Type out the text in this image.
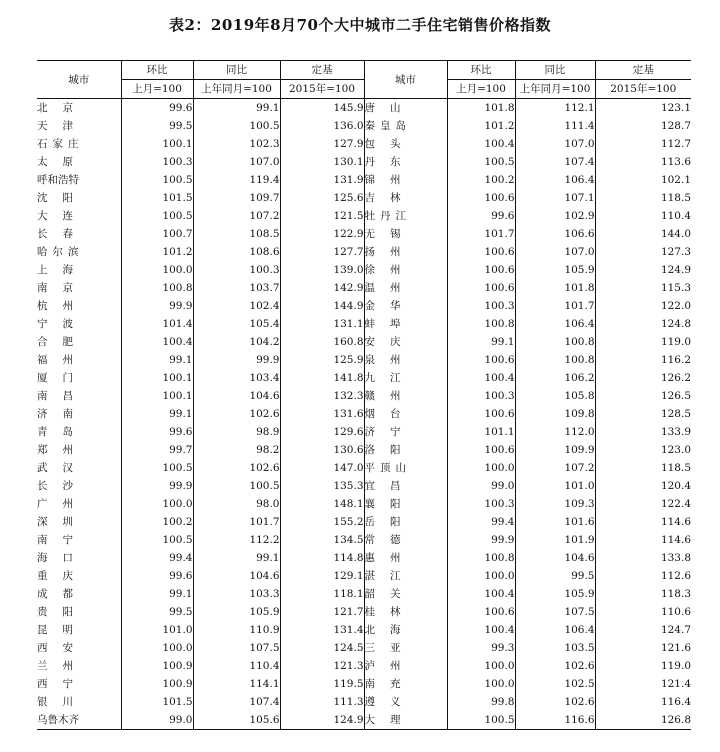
表2：2019年8月70个大中城市二手住宅销售价格指数
城市	环比	同比	定基	城市	环比	同比	定基
	上月=100	上年同月=100	2015年=100		上月=100	上年同月=100	2015年=100
北京	99.6	99.1	145.9	唐山	101.8	112.1	123.1
天津	99.5	100.5	136.0	秦皇岛	101.2	111.4	128.7
石家庄	100.1	102.3	127.9	包头	100.4	107.0	112.7
太原	100.3	107.0	130.1	丹东	100.5	107.4	113.6
呼和浩特	100.5	119.4	131.9	锦州	100.2	106.4	102.1
沈阳	101.5	109.7	125.6	吉林	100.6	107.1	118.5
大连	100.5	107.2	121.5	牡丹江	99.6	102.9	110.4
长春	100.7	108.5	122.9	无锡	101.7	106.6	144.0
哈尔滨	101.2	108.6	127.7	扬州	100.6	107.0	127.3
上海	100.0	100.3	139.0	徐州	100.6	105.9	124.9
南京	100.8	103.7	142.9	温州	100.6	101.8	115.3
杭州	99.9	102.4	144.9	金华	100.3	101.7	122.0
宁波	101.4	105.4	131.1	蚌埠	100.8	106.4	124.8
合肥	100.4	104.2	160.8	安庆	99.1	100.8	119.0
福州	99.1	99.9	125.9	泉州	100.6	100.8	116.2
厦门	100.1	103.4	141.8	九江	100.4	106.2	126.2
南昌	100.1	104.6	132.3	赣州	100.3	105.8	126.5
济南	99.1	102.6	131.6	烟台	100.6	109.8	128.5
青岛	99.6	98.9	129.6	济宁	101.1	112.0	133.9
郑州	99.7	98.2	130.6	洛阳	100.6	109.9	123.0
武汉	100.5	102.6	147.0	平顶山	100.0	107.2	118.5
长沙	99.9	100.5	135.3	宜昌	99.0	101.0	120.4
广州	100.0	98.0	148.1	襄阳	100.3	109.3	122.4
深圳	100.2	101.7	155.2	岳阳	99.4	101.6	114.6
南宁	100.5	112.2	134.5	常德	99.9	101.9	114.6
海口	99.4	99.1	114.8	惠州	100.8	104.6	133.8
重庆	99.6	104.6	129.1	湛江	100.0	99.5	112.6
成都	99.1	103.3	118.1	韶关	100.4	105.9	118.3
贵阳	99.5	105.9	121.7	桂林	100.6	107.5	110.6
昆明	101.0	110.9	131.4	北海	100.4	106.4	124.7
西安	100.0	107.5	124.5	三亚	99.3	103.5	121.6
兰州	100.9	110.4	121.3	泸州	100.0	102.6	119.0
西宁	100.9	114.1	119.5	南充	100.0	102.5	121.4
银川	101.5	107.4	111.3	遵义	99.8	102.6	116.4
乌鲁木齐	99.0	105.6	124.9	大理	100.5	116.6	126.8
